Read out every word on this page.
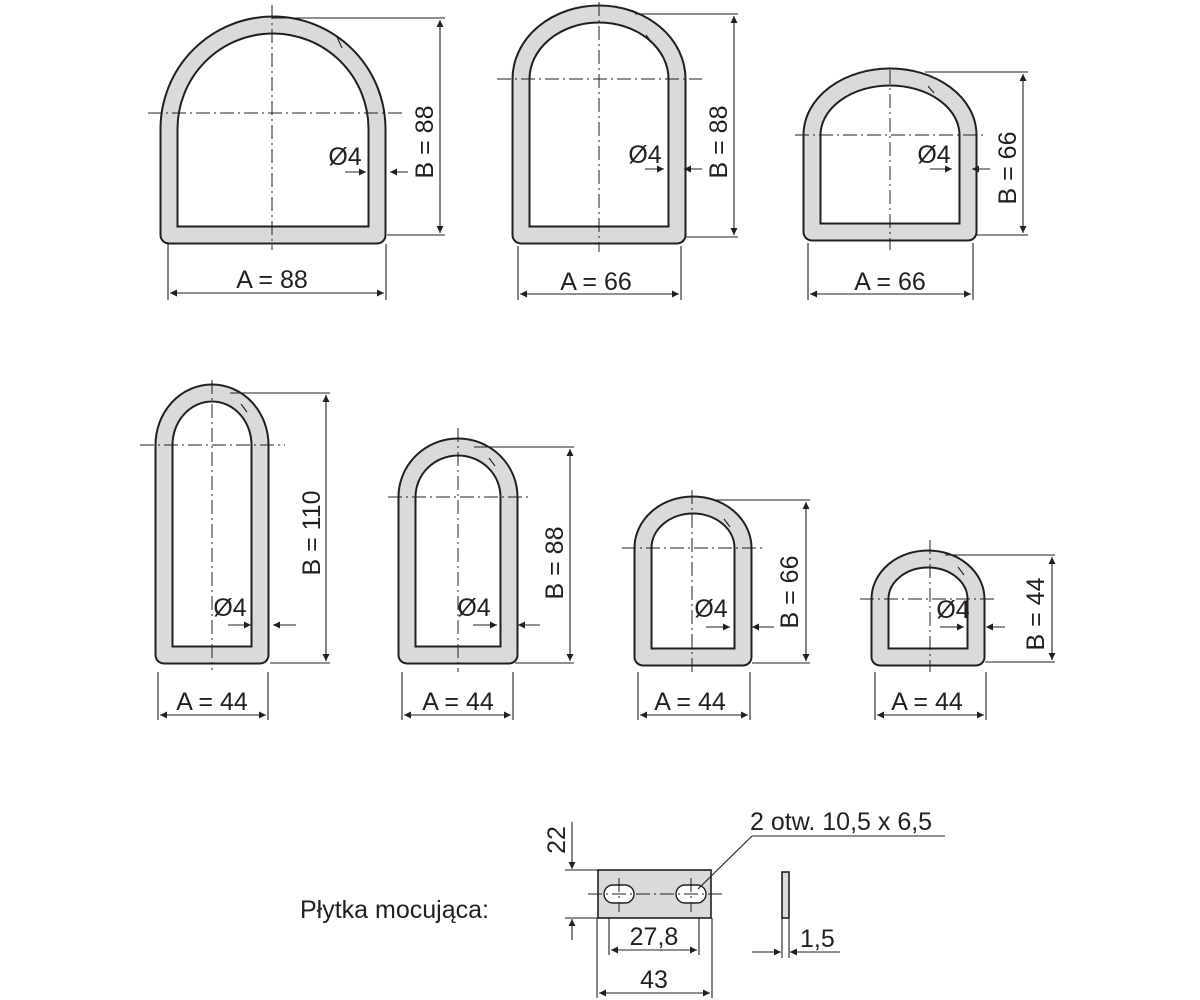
A = 88
B = 88
Ø4
A = 66
B = 88
Ø4
A = 66
B = 66
Ø4
A = 44
B = 110
Ø4
A = 44
B = 88
Ø4
A = 44
B = 66
Ø4
A = 44
B = 44
Ø4
Płytka mocująca:
22
2 otw. 10,5 x 6,5
27,8
43
1,5
